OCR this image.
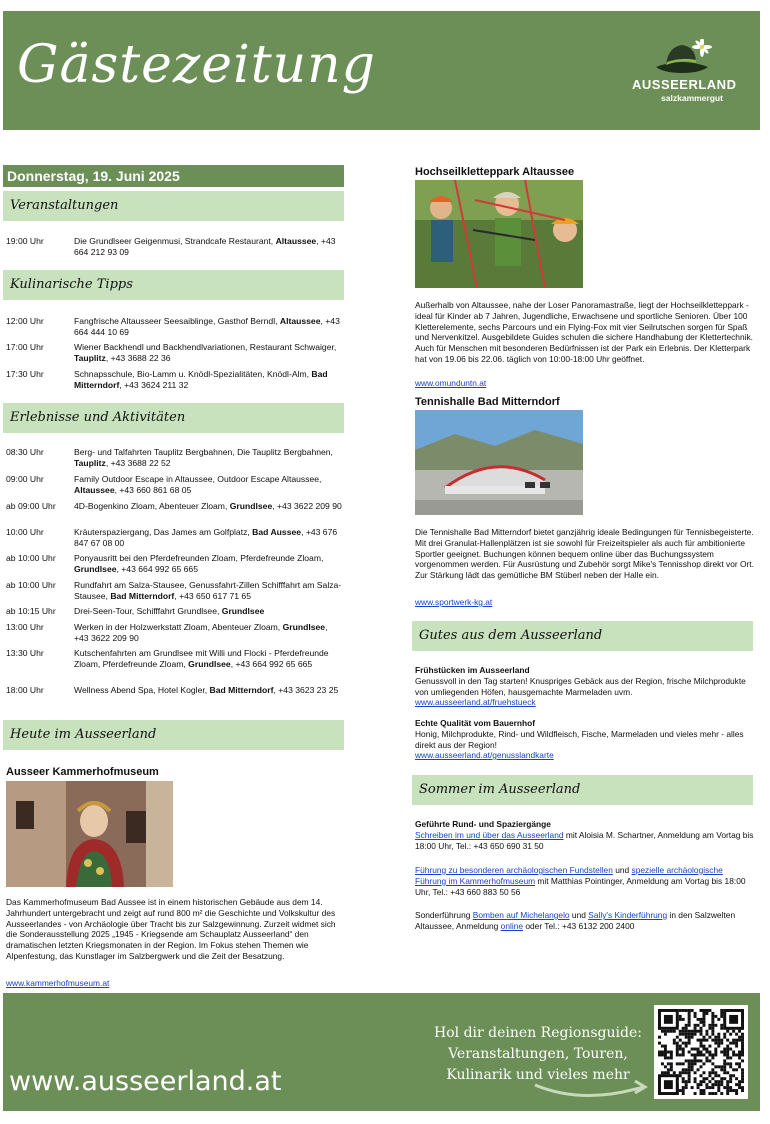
Gästezeitung	AUSSEERLAND
salzkammergut
Donnerstag, 19. Juni 2025
Veranstaltungen
19:00 Uhr	Die Grundlseer Geigenmusi, Strandcafe Restaurant, Altaussee, +43 664 212 93 09
Kulinarische Tipps
12:00 Uhr	Fangfrische Altausseer Seesaiblinge, Gasthof Berndl, Altaussee, +43 664 444 10 69
17:00 Uhr	Wiener Backhendl und Backhendlvariationen, Restaurant Schwaiger, Tauplitz, +43 3688 22 36
17:30 Uhr	Schnapsschule, Bio-Lamm u. Knödl-Spezialitäten, Knödl-Alm, Bad Mitterndorf, +43 3624 211 32
Erlebnisse und Aktivitäten
08:30 Uhr	Berg- und Talfahrten Tauplitz Bergbahnen, Die Tauplitz Bergbahnen, Tauplitz, +43 3688 22 52
09:00 Uhr	Family Outdoor Escape in Altaussee, Outdoor Escape Altaussee, Altaussee, +43 660 861 68 05
ab 09:00 Uhr	4D-Bogenkino Zloam, Abenteuer Zloam, Grundlsee, +43 3622 209 90
10:00 Uhr	Kräuterspaziergang, Das James am Golfplatz, Bad Aussee, +43 676 847 67 08 00
ab 10:00 Uhr	Ponyausritt bei den Pferdefreunden Zloam, Pferdefreunde Zloam, Grundlsee, +43 664 992 65 665
ab 10:00 Uhr	Rundfahrt am Salza-Stausee, Genussfahrt-Zillen Schifffahrt am Salza-Stausee, Bad Mitterndorf, +43 650 617 71 65
ab 10:15 Uhr	Drei-Seen-Tour, Schifffahrt Grundlsee, Grundlsee
13:00 Uhr	Werken in der Holzwerkstatt Zloam, Abenteuer Zloam, Grundlsee, +43 3622 209 90
13:30 Uhr	Kutschenfahrten am Grundlsee mit Willi und Flocki - Pferdefreunde Zloam, Pferdefreunde Zloam, Grundlsee, +43 664 992 65 665
18:00 Uhr	Wellness Abend Spa, Hotel Kogler, Bad Mitterndorf, +43 3623 23 25
Heute im Ausseerland
Ausseer Kammerhofmuseum
Das Kammerhofmuseum Bad Aussee ist in einem historischen Gebäude aus dem 14. Jahrhundert untergebracht und zeigt auf rund 800 m² die Geschichte und Volkskultur des Ausseerlandes - von Archäologie über Tracht bis zur Salzgewinnung. Zurzeit widmet sich die Sonderausstellung 2025 „1945 - Kriegsende am Schauplatz Ausseerland“ den dramatischen letzten Kriegsmonaten in der Region. Im Fokus stehen Themen wie Alpenfestung, das Kunstlager im Salzbergwerk und die Zeit der Besatzung.
www.kammerhofmuseum.at
Hochseilklettерpark Altaussee
Außerhalb von Altaussee, nahe der Loser Panoramastraße, liegt der Hochseilklettерpark - ideal für Kinder ab 7 Jahren, Jugendliche, Erwachsene und sportliche Senioren. Über 100 Kletterelemente, sechs Parcours und ein Flying-Fox mit vier Seilrutschen sorgen für Spaß und Nervenkitzel. Ausgebildete Guides schulen die sichere Handhabung der Klettertechnik. Auch für Menschen mit besonderen Bedürfnissen ist der Park ein Erlebnis. Der Kletterpark hat von 19.06 bis 22.06. täglich von 10:00-18:00 Uhr geöffnet.
www.omunduntn.at
Tennishalle Bad Mitterndorf
Die Tennishalle Bad Mitterndorf bietet ganzjährig ideale Bedingungen für Tennisbegeisterte. Mit drei Granulat-Hallenplätzen ist sie sowohl für Freizeitspieler als auch für ambitionierte Sportler geeignet. Buchungen können bequem online über das Buchungssystem vorgenommen werden. Für Ausrüstung und Zubehör sorgt Mike's Tennisshop direkt vor Ort. Zur Stärkung lädt das gemütliche BM Stüberl neben der Halle ein.
www.sportwerk-kg.at
Gutes aus dem Ausseerland
Frühstücken im Ausseerland
Genussvoll in den Tag starten! Knuspriges Gebäck aus der Region, frische Milchprodukte von umliegenden Höfen, hausgemachte Marmeladen uvm.
www.ausseerland.at/fruehstueck
Echte Qualität vom Bauernhof
Honig, Milchprodukte, Rind- und Wildfleisch, Fische, Marmeladen und vieles mehr - alles direkt aus der Region!
www.ausseerland.at/genusslandkarte
Sommer im Ausseerland
Geführte Rund- und Spaziergänge
Schreiben im und über das Ausseerland mit Aloisia M. Schartner, Anmeldung am Vortag bis 18:00 Uhr, Tel.: +43 650 690 31 50
Führung zu besonderen archäologischen Fundstellen und spezielle archäologische Führung im Kammerhofmuseum mit Matthias Pointinger, Anmeldung am Vortag bis 18:00 Uhr, Tel.: +43 660 883 50 56
Sonderführung Bomben auf Michelangelo und Sally's Kinderführung in den Salzwelten Altaussee, Anmeldung online oder Tel.: +43 6132 200 2400
www.ausseerland.at
Hol dir deinen Regionsguide:
Veranstaltungen, Touren,
Kulinarik und vieles mehr
